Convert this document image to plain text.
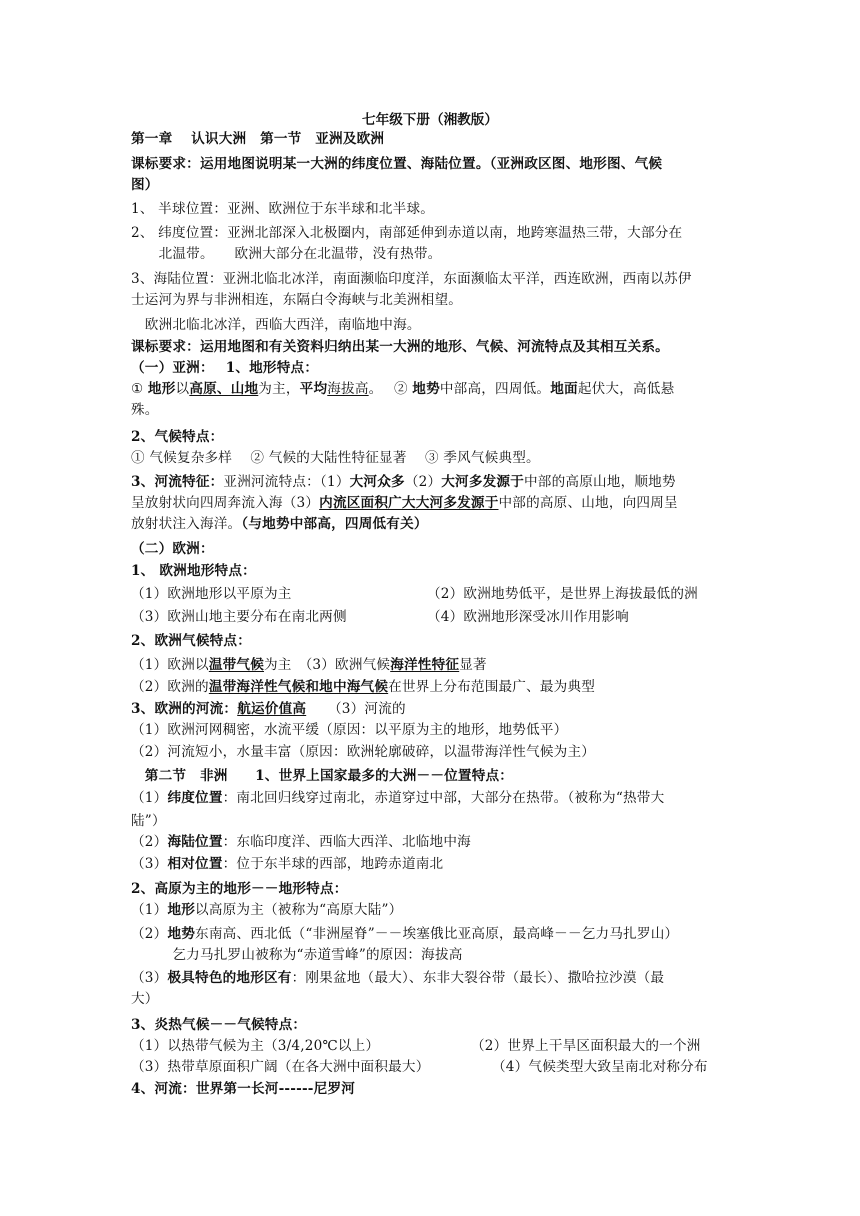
七年级下册（湘教版）
第一章　 认识大洲　第一节　亚洲及欧洲
课标要求：运用地图说明某一大洲的纬度位置、海陆位置。（亚洲政区图、地形图、气候
图）
1、 半球位置：亚洲、欧洲位于东半球和北半球。
2、 纬度位置：亚洲北部深入北极圈内，南部延伸到赤道以南，地跨寒温热三带，大部分在
　　北温带。　　欧洲大部分在北温带，没有热带。
3、海陆位置：亚洲北临北冰洋，南面濒临印度洋，东面濒临太平洋，西连欧洲，西南以苏伊
士运河为界与非洲相连，东隔白令海峡与北美洲相望。
　欧洲北临北冰洋，西临大西洋，南临地中海。
课标要求：运用地图和有关资料归纳出某一大洲的地形、气候、河流特点及其相互关系。
（一）亚洲：　 1、地形特点：
① 地形以高原、山地为主，平均海拔高。　 ② 地势中部高，四周低。地面起伏大，高低悬
殊。
2、气候特点：
① 气候复杂多样　 ② 气候的大陆性特征显著　 ③ 季风气候典型。
3、河流特征：亚洲河流特点：（1）大河众多（2）大河多发源于中部的高原山地，顺地势
呈放射状向四周奔流入海（3）内流区面积广大大河多发源于中部的高原、山地，向四周呈
放射状注入海洋。（与地势中部高，四周低有关）
（二）欧洲：
1、 欧洲地形特点：
（1）欧洲地形以平原为主	（2）欧洲地势低平，是世界上海拔最低的洲
（3）欧洲山地主要分布在南北两侧	（4）欧洲地形深受冰川作用影响
2、欧洲气候特点：
（1）欧洲以温带气候为主　（3）欧洲气候海洋性特征显著
（2）欧洲的温带海洋性气候和地中海气候在世界上分布范围最广、最为典型
3、欧洲的河流：	（3）河流的
航运价值高
（1）欧洲河网稠密，水流平缓（原因：以平原为主的地形，地势低平）
（2）河流短小，水量丰富（原因：欧洲轮廓破碎，以温带海洋性气候为主）
　第二节　非洲　　1、世界上国家最多的大洲－－位置特点：
（1）纬度位置：南北回归线穿过南北，赤道穿过中部，大部分在热带。（被称为“热带大
陆”）
（2）海陆位置：东临印度洋、西临大西洋、北临地中海
（3）相对位置：位于东半球的西部，地跨赤道南北
2、高原为主的地形－－地形特点：
（1）地形以高原为主（被称为“高原大陆”）
（2）地势东南高、西北低（“非洲屋脊”－－埃塞俄比亚高原，最高峰－－乞力马扎罗山）
　　　乞力马扎罗山被称为“赤道雪峰”的原因：海拔高
（3）极具特色的地形区有：刚果盆地（最大）、东非大裂谷带（最长）、撒哈拉沙漠（最
大）
3、炎热气候－－气候特点：
（1）以热带气候为主（3/4,20℃以上）	（2）世界上干旱区面积最大的一个洲
（3）热带草原面积广阔（在各大洲中面积最大）	（4）气候类型大致呈南北对称分布
4、河流：世界第一长河------尼罗河
